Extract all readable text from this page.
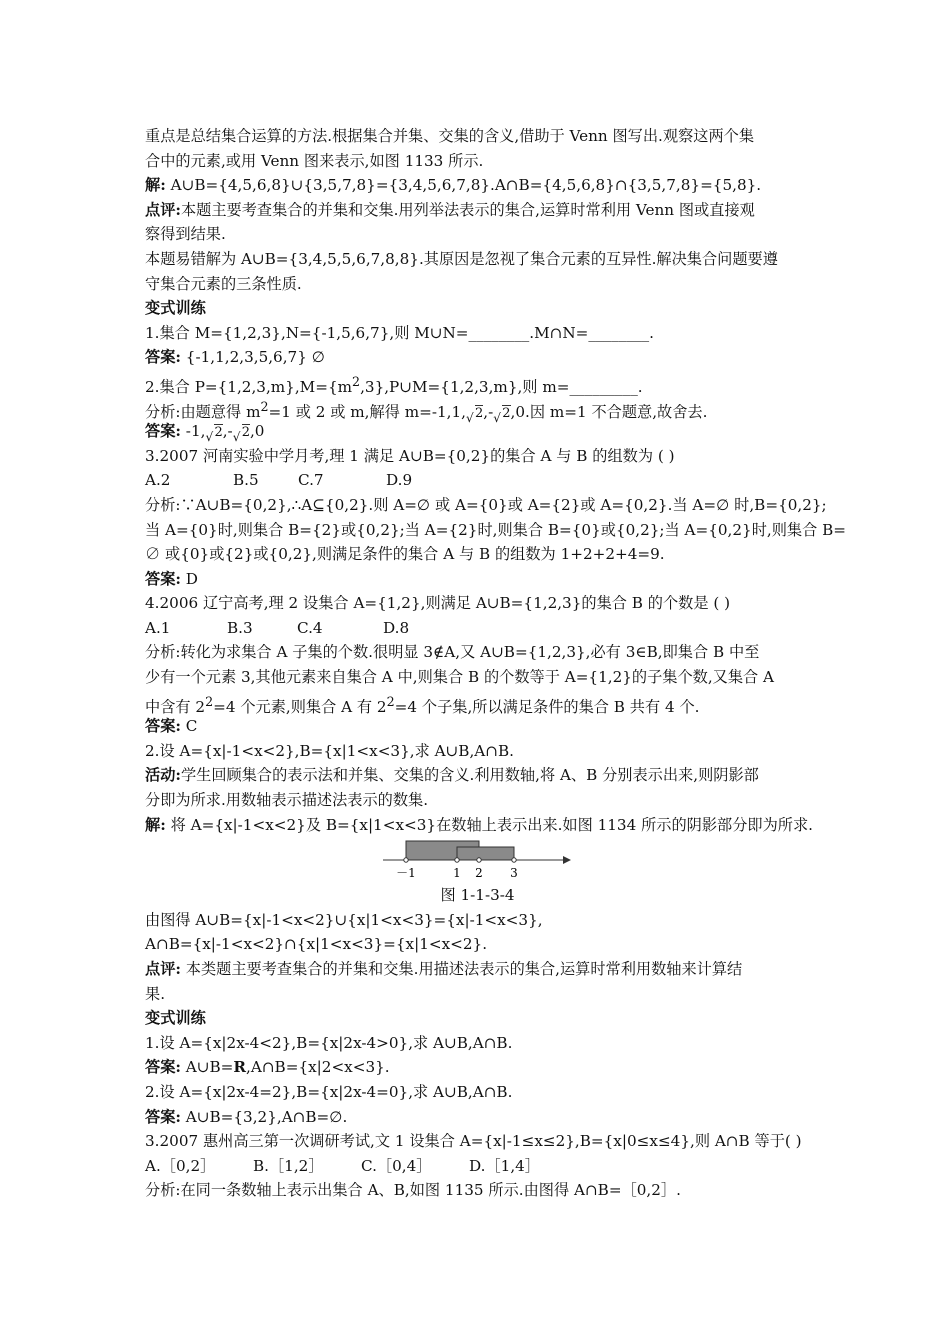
重点是总结集合运算的方法.根据集合并集、交集的含义,借助于 Venn 图写出.观察这两个集
合中的元素,或用 Venn 图来表示,如图 1133 所示.
解: A∪B={4,5,6,8}∪{3,5,7,8}={3,4,5,6,7,8}.A∩B={4,5,6,8}∩{3,5,7,8}={5,8}.
点评:本题主要考查集合的并集和交集.用列举法表示的集合,运算时常利用 Venn 图或直接观
察得到结果.
本题易错解为 A∪B={3,4,5,5,6,7,8,8}.其原因是忽视了集合元素的互异性.解决集合问题要遵
守集合元素的三条性质.
变式训练
1.集合 M={1,2,3},N={-1,5,6,7},则 M∪N=________.M∩N=________.
答案: {-1,1,2,3,5,6,7} ∅
2.集合 $P=\{1,2,3,m\},M=\{m^2,3\},P\cup M=\{1,2,3,m\}$,则 m=_________.
分析:由题意得 $m^2=1$ 或 2 或 m,解得 m=-1,1, √ 2,- √ 2,0.因 m=1 不合题意,故舍去.
答案: -1, √ 2,- √ 2,0
3.2007 河南实验中学月考,理 1 满足 A∪B={0,2}的集合 A 与 B 的组数为 ( )
A.2	B.5	C.7	D.9
分析:∵A∪B={0,2},∴A⊆{0,2}.则 A=∅ 或 A={0}或 A={2}或 A={0,2}.当 A=∅ 时,B={0,2};
当 A={0}时,则集合 B={2}或{0,2};当 A={2}时,则集合 B={0}或{0,2};当 A={0,2}时,则集合 B=
∅ 或{0}或{2}或{0,2},则满足条件的集合 A 与 B 的组数为 1+2+2+4=9.
答案: D
4.2006 辽宁高考,理 2 设集合 A={1,2},则满足 A∪B={1,2,3}的集合 B 的个数是 ( )
A.1	B.3	C.4	D.8
分析:转化为求集合 A 子集的个数.很明显 3∉A,又 A∪B={1,2,3},必有 3∈B,即集合 B 中至
少有一个元素 3,其他元素来自集合 A 中,则集合 B 的个数等于 A={1,2}的子集个数,又集合 A
中含有 $2^2=4$ 个元素,则集合 A 有 $2^2=4$ 个子集,所以满足条件的集合 B 共有 4 个.
答案: C
2.设 A={x|-1<x<2},B={x|1<x<3},求 A∪B,A∩B.
活动:学生回顾集合的表示法和并集、交集的含义.利用数轴,将 A、B 分别表示出来,则阴影部
分即为所求.用数轴表示描述法表示的数集.
解: 将 A={x|-1<x<2}及 B={x|1<x<3}在数轴上表示出来.如图 1134 所示的阴影部分即为所求.
－1	1 2 3
图 1-1-3-4
由图得 A∪B={x|-1<x<2}∪{x|1<x<3}={x|-1<x<3},
A∩B={x|-1<x<2}∩{x|1<x<3}={x|1<x<2}.
点评: 本类题主要考查集合的并集和交集.用描述法表示的集合,运算时常利用数轴来计算结
果.
变式训练
1.设 A={x|2x-4<2},B={x|2x-4>0},求 A∪B,A∩B.
答案: A∪B=R,A∩B={x|2<x<3}.
2.设 A={x|2x-4=2},B={x|2x-4=0},求 A∪B,A∩B.
答案: A∪B={3,2},A∩B=∅.
3.2007 惠州高三第一次调研考试,文 1 设集合 A={x|-1≤x≤2},B={x|0≤x≤4},则 A∩B 等于( )
A.［0,2］ B.［1,2］ C.［0,4］ D.［1,4］
分析:在同一条数轴上表示出集合 A、B,如图 1135 所示.由图得 A∩B=［0,2］.
